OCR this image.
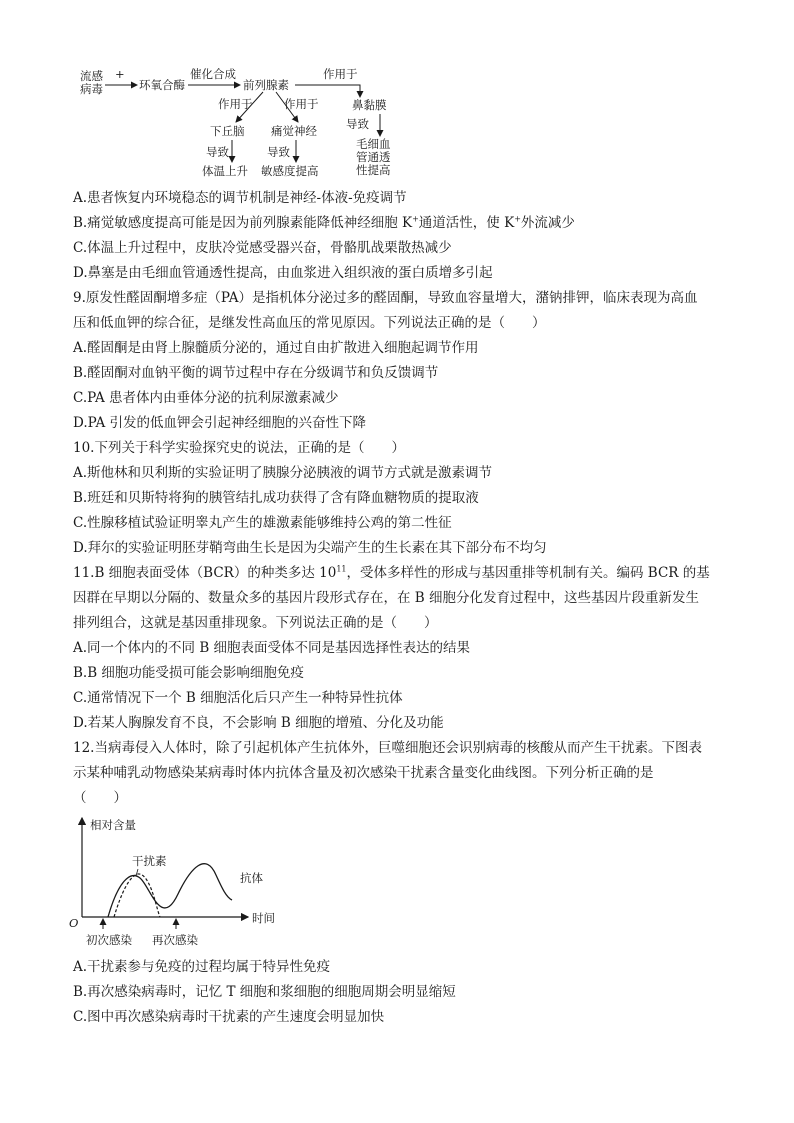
流感
病毒
+
环氧合酶
催化合成
前列腺素
作用于
鼻黏膜
导致
毛细血
管通透
性提高
作用于	作用于
下丘脑 痛觉神经
导致	导致
体温上升 敏感度提高
A.患者恢复内环境稳态的调节机制是神经-体液-免疫调节
B.痛觉敏感度提高可能是因为前列腺素能降低神经细胞 K+通道活性，使 K+外流减少
C.体温上升过程中，皮肤冷觉感受器兴奋，骨骼肌战栗散热减少
D.鼻塞是由毛细血管通透性提高，由血浆进入组织液的蛋白质增多引起
9.原发性醛固酮增多症（PA）是指机体分泌过多的醛固酮，导致血容量增大，潴钠排钾，临床表现为高血
压和低血钾的综合征，是继发性高血压的常见原因。下列说法正确的是（　　）
A.醛固酮是由肾上腺髓质分泌的，通过自由扩散进入细胞起调节作用
B.醛固酮对血钠平衡的调节过程中存在分级调节和负反馈调节
C.PA 患者体内由垂体分泌的抗利尿激素减少
D.PA 引发的低血钾会引起神经细胞的兴奋性下降
10.下列关于科学实验探究史的说法，正确的是（　　）
A.斯他林和贝利斯的实验证明了胰腺分泌胰液的调节方式就是激素调节
B.班廷和贝斯特将狗的胰管结扎成功获得了含有降血糖物质的提取液
C.性腺移植试验证明睾丸产生的雄激素能够维持公鸡的第二性征
D.拜尔的实验证明胚芽鞘弯曲生长是因为尖端产生的生长素在其下部分布不均匀
11.B 细胞表面受体（BCR）的种类多达 $10^{11}$，受体多样性的形成与基因重排等机制有关。编码 BCR 的基
因群在早期以分隔的、数量众多的基因片段形式存在，在 B 细胞分化发育过程中，这些基因片段重新发生
排列组合，这就是基因重排现象。下列说法正确的是（　　）
A.同一个体内的不同 B 细胞表面受体不同是基因选择性表达的结果
B.B 细胞功能受损可能会影响细胞免疫
C.通常情况下一个 B 细胞活化后只产生一种特异性抗体
D.若某人胸腺发育不良，不会影响 B 细胞的增殖、分化及功能
12.当病毒侵入人体时，除了引起机体产生抗体外，巨噬细胞还会识别病毒的核酸从而产生干扰素。下图表
示某种哺乳动物感染某病毒时体内抗体含量及初次感染干扰素含量变化曲线图。下列分析正确的是
（　　）
相对含量
时间
O
干扰素
抗体
初次感染 再次感染
A.干扰素参与免疫的过程均属于特异性免疫
B.再次感染病毒时，记忆 T 细胞和浆细胞的细胞周期会明显缩短
C.图中再次感染病毒时干扰素的产生速度会明显加快
